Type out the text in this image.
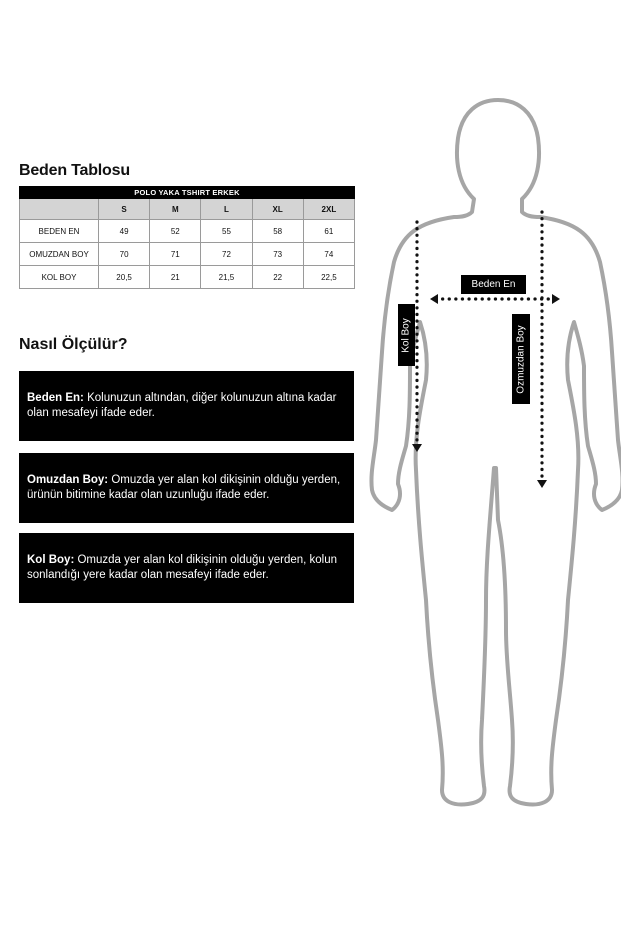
Beden Tablosu
POLO YAKA TSHIRT ERKEK					
	S	M	L	XL	2XL
BEDEN EN	49	52	55	58	61
OMUZDAN BOY	70	71	72	73	74
KOL BOY	20,5	21	21,5	22	22,5
Nasıl Ölçülür?
Beden En: Kolunuzun altından, diğer kolunuzun altına kadar olan mesafeyi ifade eder.
Omuzdan Boy: Omuzda yer alan kol dikişinin olduğu yerden, ürünün bitimine kadar olan uzunluğu ifade eder.
Kol Boy: Omuzda yer alan kol dikişinin olduğu yerden, kolun sonlandığı yere kadar olan mesafeyi ifade eder.
Beden En
Kol Boy	Ozmuzdan Boy
